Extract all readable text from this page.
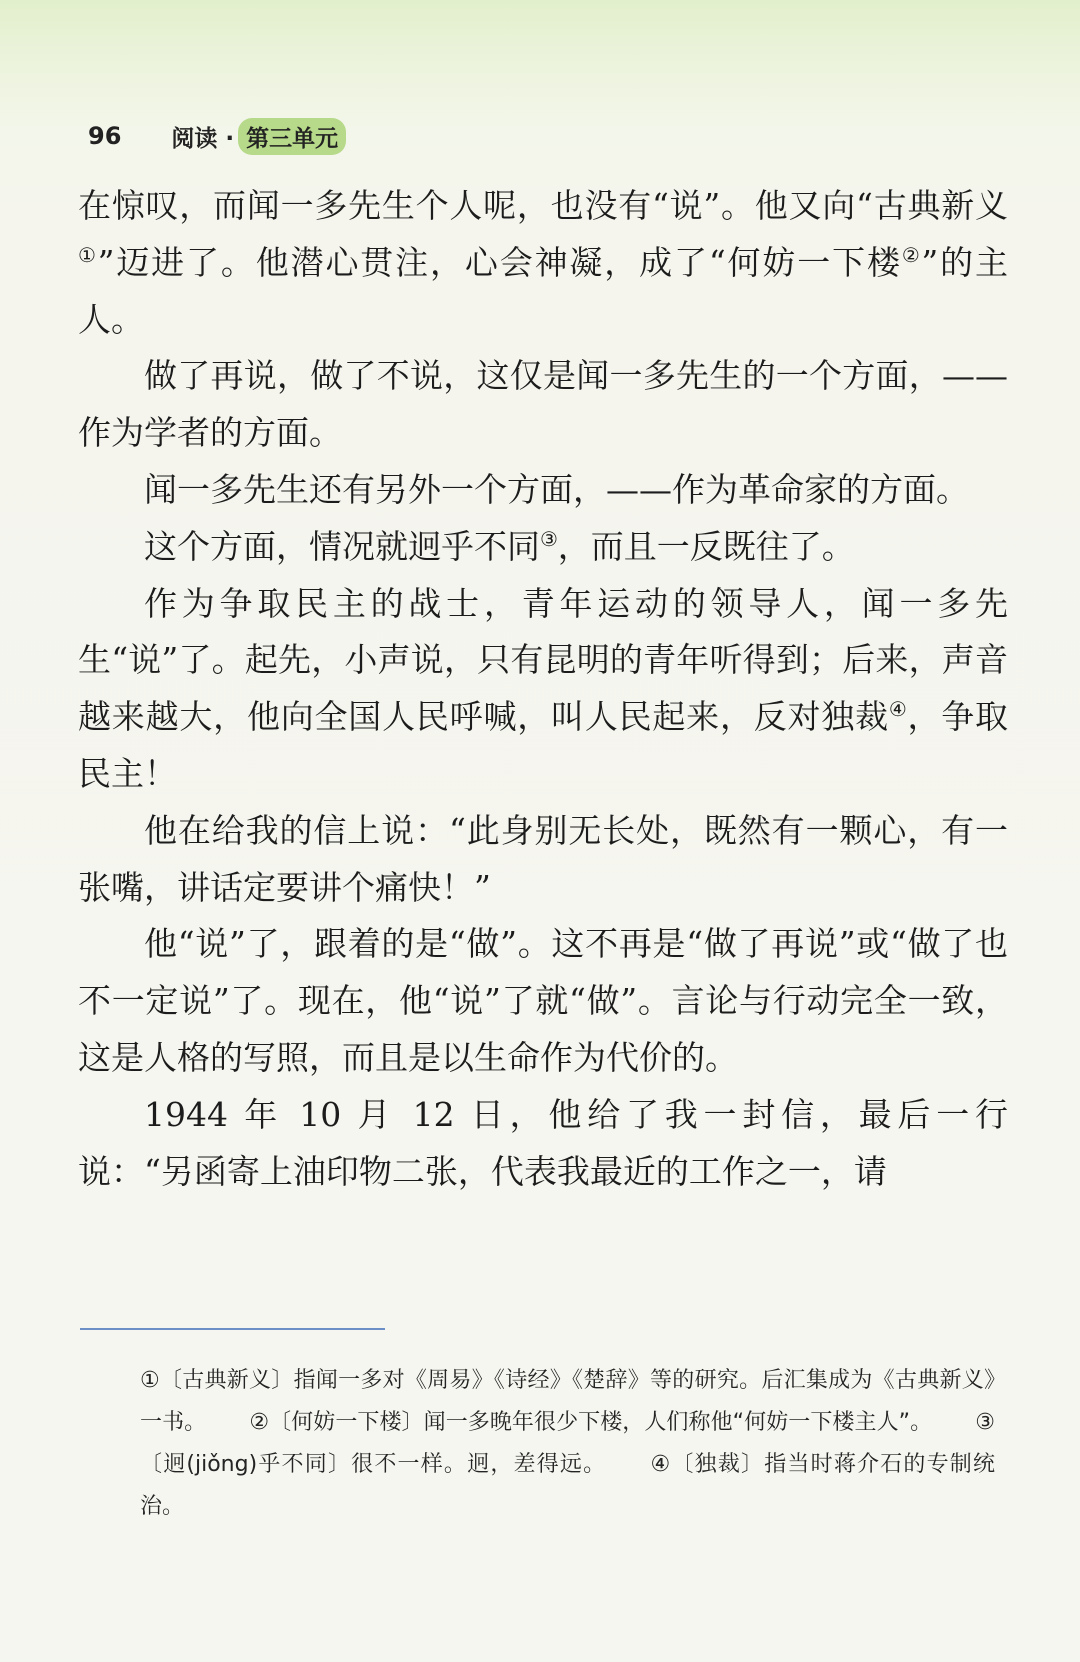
96 阅读 · 第三单元

在惊叹，而闻一多先生个人呢，也没有“说”。他又向“古典新义①”迈进了。他潜心贯注，心会神凝，成了“何妨一下楼②”的主人。

做了再说，做了不说，这仅是闻一多先生的一个方面，——作为学者的方面。

闻一多先生还有另外一个方面，——作为革命家的方面。

这个方面，情况就迥乎不同③，而且一反既往了。

作为争取民主的战士，青年运动的领导人，闻一多先生“说”了。起先，小声说，只有昆明的青年听得到；后来，声音越来越大，他向全国人民呼喊，叫人民起来，反对独裁④，争取民主！

他在给我的信上说：“此身别无长处，既然有一颗心，有一张嘴，讲话定要讲个痛快！”

他“说”了，跟着的是“做”。这不再是“做了再说”或“做了也不一定说”了。现在，他“说”了就“做”。言论与行动完全一致，这是人格的写照，而且是以生命作为代价的。

1944 年 10 月 12 日，他给了我一封信，最后一行说：“另函寄上油印物二张，代表我最近的工作之一，请

①〔古典新义〕指闻一多对《周易》《诗经》《楚辞》等的研究。后汇集成为《古典新义》一书。 ②〔何妨一下楼〕闻一多晚年很少下楼，人们称他“何妨一下楼主人”。 ③〔迥(jiǒng)乎不同〕很不一样。迥，差得远。 ④〔独裁〕指当时蒋介石的专制统治。
